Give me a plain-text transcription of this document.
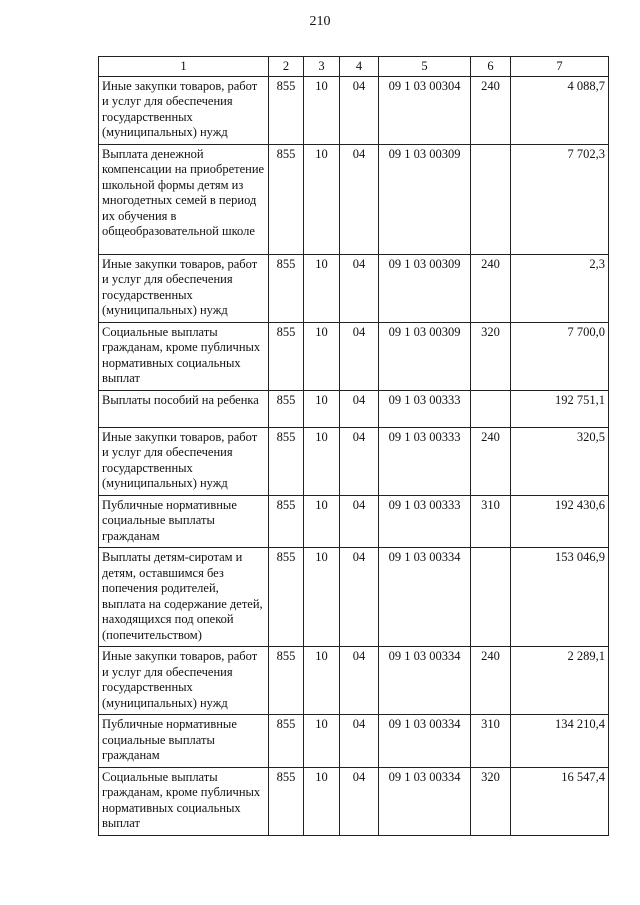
210
1	2	3	4	5	6	7
Иные закупки товаров, работ и услуг для обеспечения государственных (муниципальных) нужд	855	10	04	09 1 03 00304	240	4 088,7
Выплата денежной компенсации на приобретение школьной формы детям из многодетных семей в период их обучения в общеобразовательной школе	855	10	04	09 1 03 00309		7 702,3
Иные закупки товаров, работ и услуг для обеспечения государственных (муниципальных) нужд	855	10	04	09 1 03 00309	240	2,3
Социальные выплаты гражданам, кроме публичных нормативных социальных выплат	855	10	04	09 1 03 00309	320	7 700,0
Выплаты пособий на ребенка	855	10	04	09 1 03 00333		192 751,1
Иные закупки товаров, работ и услуг для обеспечения государственных (муниципальных) нужд	855	10	04	09 1 03 00333	240	320,5
Публичные нормативные социальные выплаты гражданам	855	10	04	09 1 03 00333	310	192 430,6
Выплаты детям-сиротам и детям, оставшимся без попечения родителей, выплата на содержание детей, находящихся под опекой (попечительством)	855	10	04	09 1 03 00334		153 046,9
Иные закупки товаров, работ и услуг для обеспечения государственных (муниципальных) нужд	855	10	04	09 1 03 00334	240	2 289,1
Публичные нормативные социальные выплаты гражданам	855	10	04	09 1 03 00334	310	134 210,4
Социальные выплаты гражданам, кроме публичных нормативных социальных выплат	855	10	04	09 1 03 00334	320	16 547,4
